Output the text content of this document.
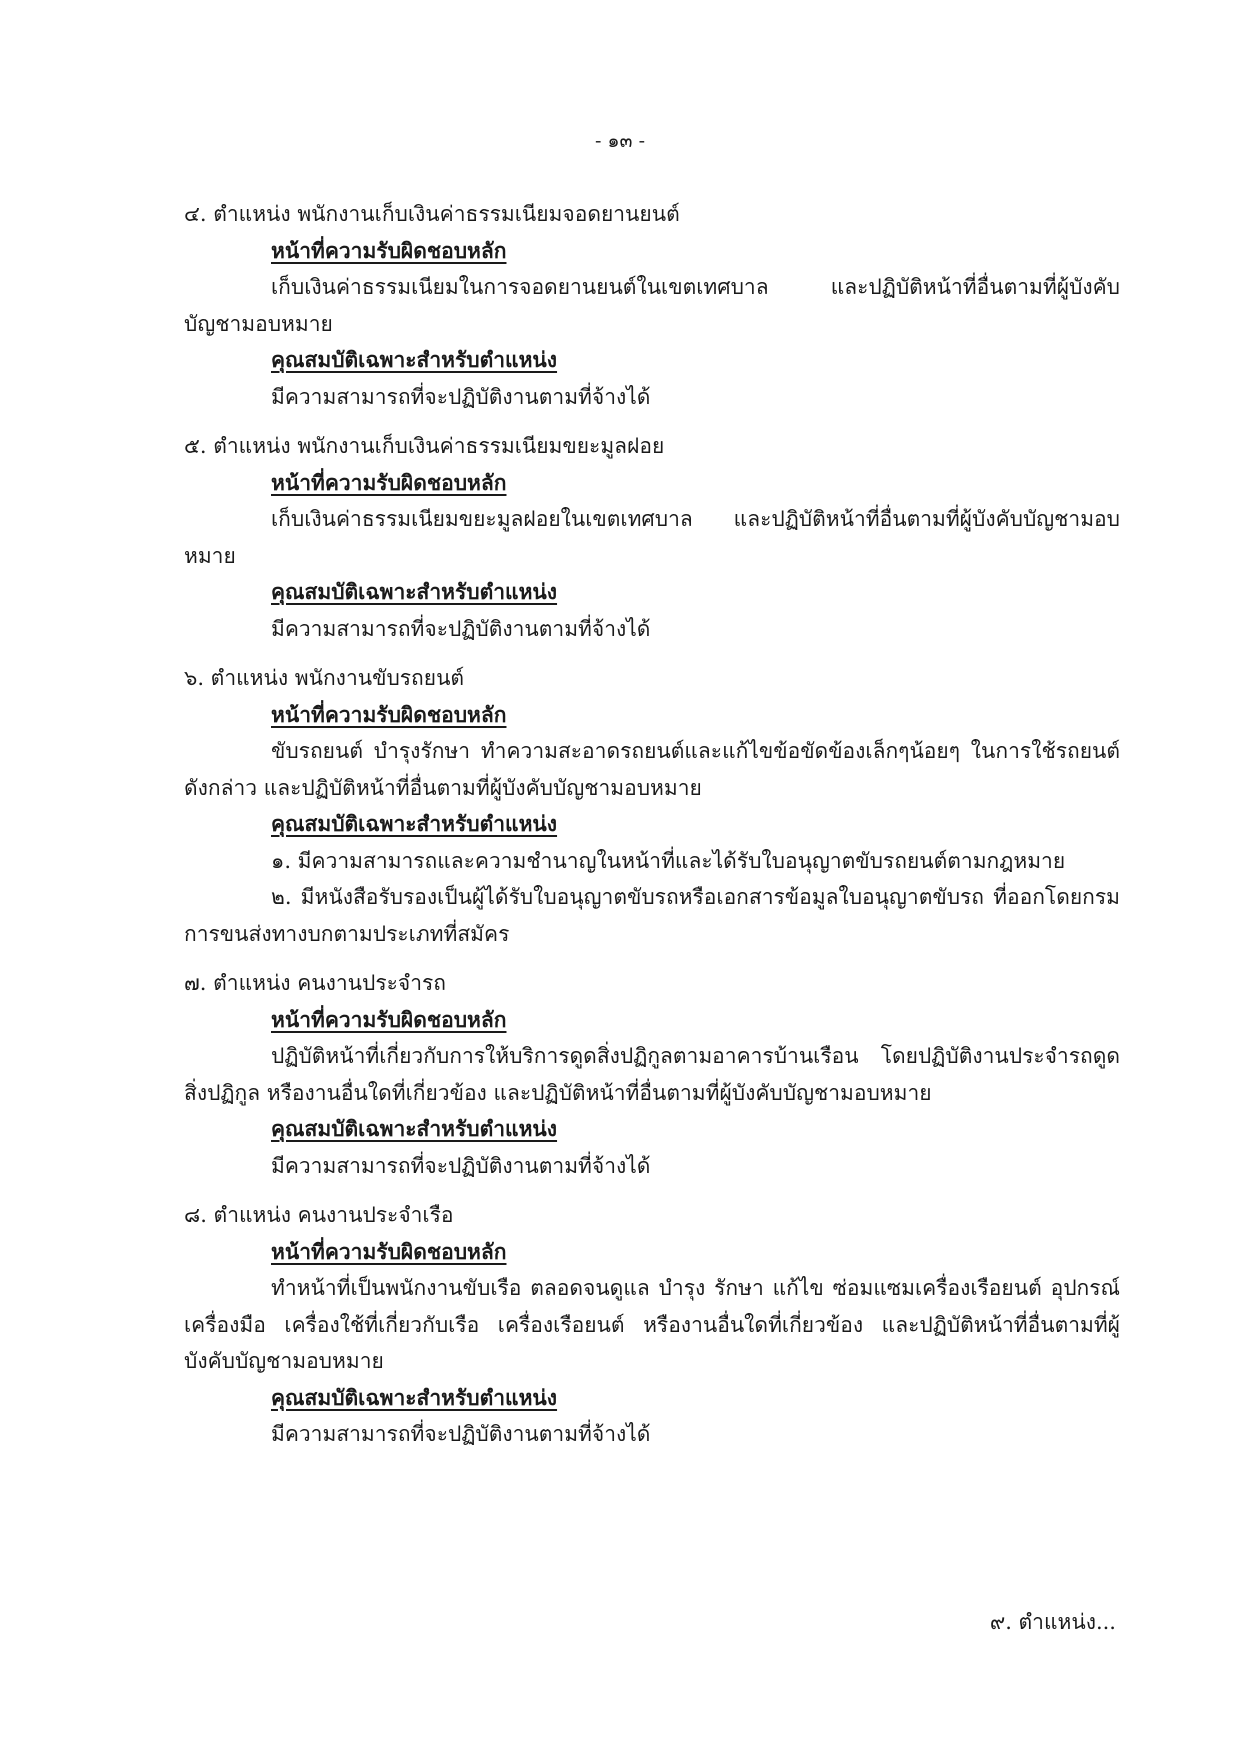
- ๑๓ -

๔. ตำแหน่ง พนักงานเก็บเงินค่าธรรมเนียมจอดยานยนต์

หน้าที่ความรับผิดชอบหลัก

เก็บเงินค่าธรรมเนียมในการจอดยานยนต์ในเขตเทศบาล และปฏิบัติหน้าที่อื่นตามที่ผู้บังคับบัญชามอบหมาย

คุณสมบัติเฉพาะสำหรับตำแหน่ง

มีความสามารถที่จะปฏิบัติงานตามที่จ้างได้

๕. ตำแหน่ง พนักงานเก็บเงินค่าธรรมเนียมขยะมูลฝอย

หน้าที่ความรับผิดชอบหลัก

เก็บเงินค่าธรรมเนียมขยะมูลฝอยในเขตเทศบาล และปฏิบัติหน้าที่อื่นตามที่ผู้บังคับบัญชามอบหมาย

คุณสมบัติเฉพาะสำหรับตำแหน่ง

มีความสามารถที่จะปฏิบัติงานตามที่จ้างได้

๖. ตำแหน่ง พนักงานขับรถยนต์

หน้าที่ความรับผิดชอบหลัก

ขับรถยนต์ บำรุงรักษา ทำความสะอาดรถยนต์และแก้ไขข้อขัดข้องเล็กๆน้อยๆ ในการใช้รถยนต์ดังกล่าว และปฏิบัติหน้าที่อื่นตามที่ผู้บังคับบัญชามอบหมาย

คุณสมบัติเฉพาะสำหรับตำแหน่ง

๑. มีความสามารถและความชำนาญในหน้าที่และได้รับใบอนุญาตขับรถยนต์ตามกฎหมาย

๒. มีหนังสือรับรองเป็นผู้ได้รับใบอนุญาตขับรถหรือเอกสารข้อมูลใบอนุญาตขับรถ ที่ออกโดยกรมการขนส่งทางบกตามประเภทที่สมัคร

๗. ตำแหน่ง คนงานประจำรถ

หน้าที่ความรับผิดชอบหลัก

ปฏิบัติหน้าที่เกี่ยวกับการให้บริการดูดสิ่งปฏิกูลตามอาคารบ้านเรือน โดยปฏิบัติงานประจำรถดูดสิ่งปฏิกูล หรืองานอื่นใดที่เกี่ยวข้อง และปฏิบัติหน้าที่อื่นตามที่ผู้บังคับบัญชามอบหมาย

คุณสมบัติเฉพาะสำหรับตำแหน่ง

มีความสามารถที่จะปฏิบัติงานตามที่จ้างได้

๘. ตำแหน่ง คนงานประจำเรือ

หน้าที่ความรับผิดชอบหลัก

ทำหน้าที่เป็นพนักงานขับเรือ ตลอดจนดูแล บำรุง รักษา แก้ไข ซ่อมแซมเครื่องเรือยนต์ อุปกรณ์ เครื่องมือ เครื่องใช้ที่เกี่ยวกับเรือ เครื่องเรือยนต์ หรืองานอื่นใดที่เกี่ยวข้อง และปฏิบัติหน้าที่อื่นตามที่ผู้บังคับบัญชามอบหมาย

คุณสมบัติเฉพาะสำหรับตำแหน่ง

มีความสามารถที่จะปฏิบัติงานตามที่จ้างได้

๙. ตำแหน่ง...
